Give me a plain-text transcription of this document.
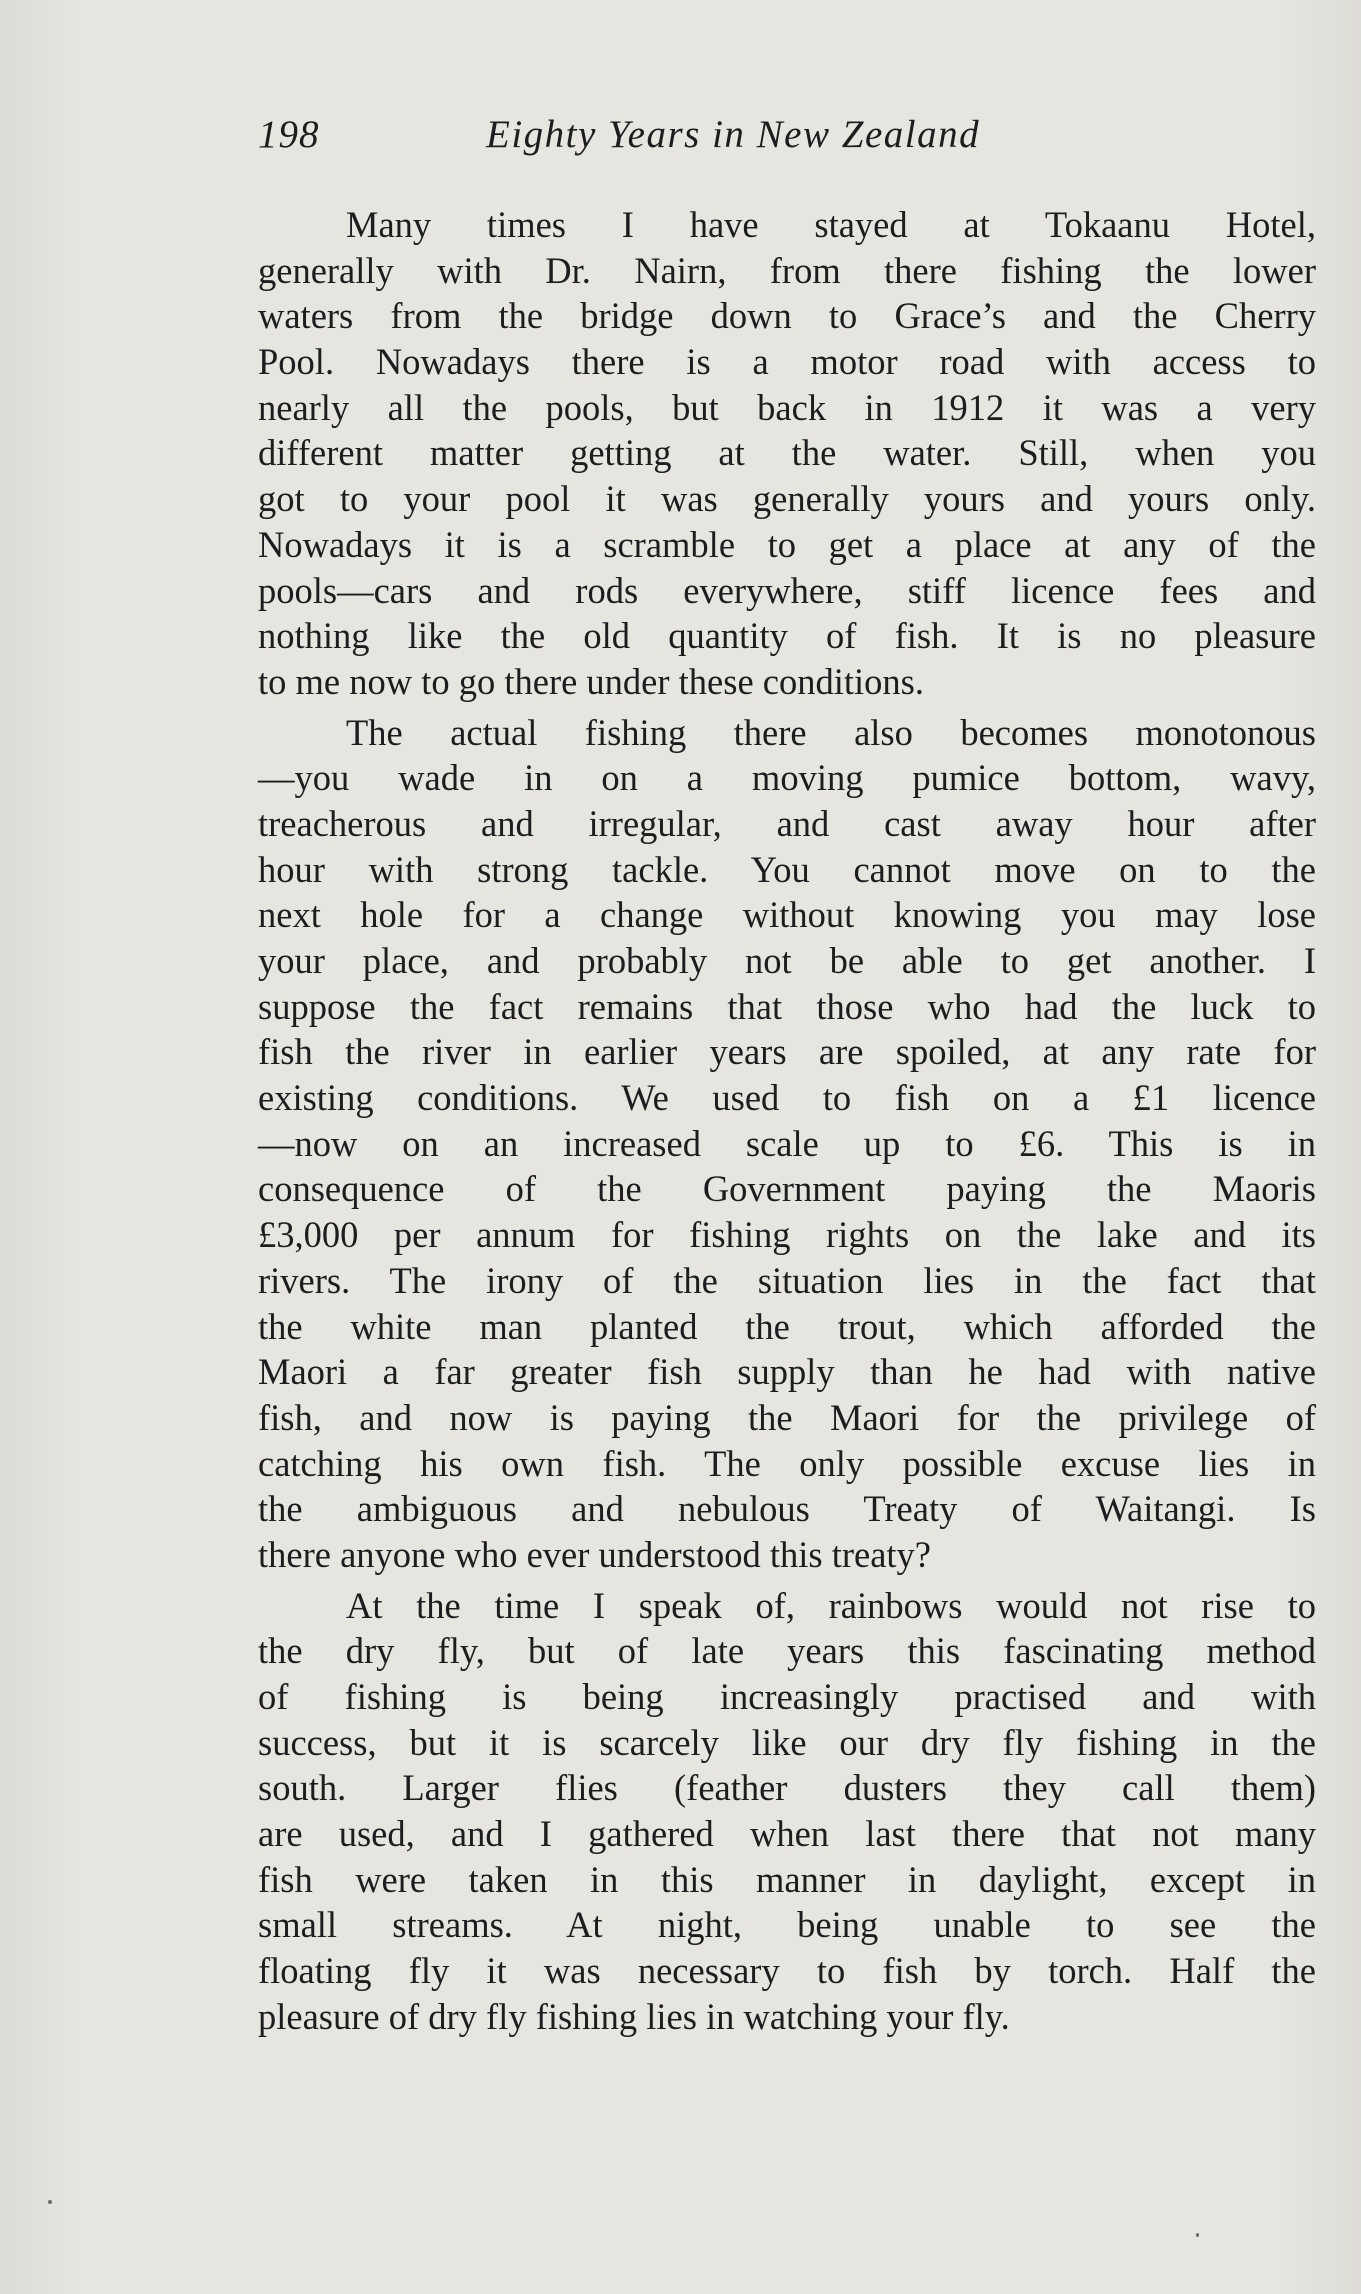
198	Eighty Years in New Zealand
Many times I have stayed at Tokaanu Hotel,
generally with Dr. Nairn, from there fishing the lower
waters from the bridge down to Grace’s and the Cherry
Pool. Nowadays there is a motor road with access to
nearly all the pools, but back in 1912 it was a very
different matter getting at the water. Still, when you
got to your pool it was generally yours and yours only.
Nowadays it is a scramble to get a place at any of the
pools—cars and rods everywhere, stiff licence fees and
nothing like the old quantity of fish. It is no pleasure
to me now to go there under these conditions.
The actual fishing there also becomes monotonous
—you wade in on a moving pumice bottom, wavy,
treacherous and irregular, and cast away hour after
hour with strong tackle. You cannot move on to the
next hole for a change without knowing you may lose
your place, and probably not be able to get another. I
suppose the fact remains that those who had the luck to
fish the river in earlier years are spoiled, at any rate for
existing conditions. We used to fish on a £1 licence
—now on an increased scale up to £6. This is in
consequence of the Government paying the Maoris
£3,000 per annum for fishing rights on the lake and its
rivers. The irony of the situation lies in the fact that
the white man planted the trout, which afforded the
Maori a far greater fish supply than he had with native
fish, and now is paying the Maori for the privilege of
catching his own fish. The only possible excuse lies in
the ambiguous and nebulous Treaty of Waitangi. Is
there anyone who ever understood this treaty?
At the time I speak of, rainbows would not rise to
the dry fly, but of late years this fascinating method
of fishing is being increasingly practised and with
success, but it is scarcely like our dry fly fishing in the
south. Larger flies (feather dusters they call them)
are used, and I gathered when last there that not many
fish were taken in this manner in daylight, except in
small streams. At night, being unable to see the
floating fly it was necessary to fish by torch. Half the
pleasure of dry fly fishing lies in watching your fly.
